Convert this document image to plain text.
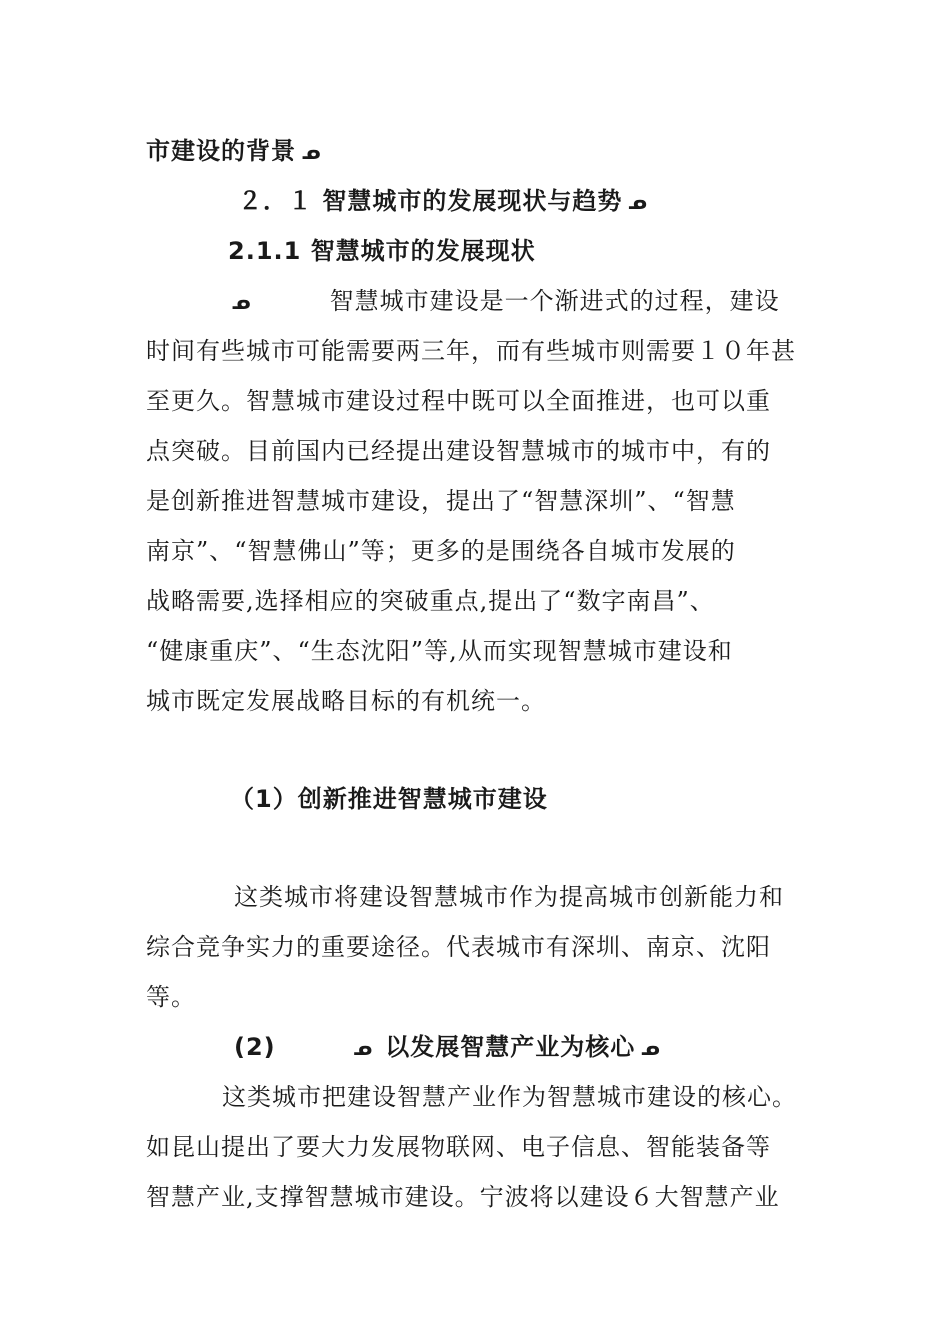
市建设的背景 ᓄ
２．１ 智慧城市的发展现状与趋势 ᓄ
2.1.1 智慧城市的发展现状
ᓄ	智慧城市建设是一个渐进式的过程，建设
时间有些城市可能需要两三年，而有些城市则需要１０年甚
至更久。智慧城市建设过程中既可以全面推进，也可以重
点突破。目前国内已经提出建设智慧城市的城市中，有的
是创新推进智慧城市建设，提出了“智慧深圳”、“智慧
南京”、“智慧佛山”等；更多的是围绕各自城市发展的
战略需要,选择相应的突破重点,提出了“数字南昌”、
“健康重庆”、“生态沈阳”等,从而实现智慧城市建设和
城市既定发展战略目标的有机统一。
（1）创新推进智慧城市建设
这类城市将建设智慧城市作为提高城市创新能力和
综合竞争实力的重要途径。代表城市有深圳、南京、沈阳
等。
(2)	ᓄ 以发展智慧产业为核心 ᓄ
这类城市把建设智慧产业作为智慧城市建设的核心。
如昆山提出了要大力发展物联网、电子信息、智能装备等
智慧产业,支撑智慧城市建设。宁波将以建设６大智慧产业
